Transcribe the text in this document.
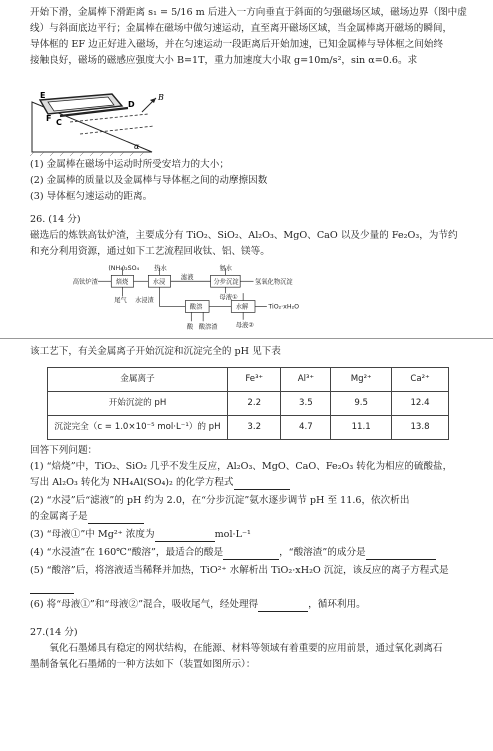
开始下滑，金属棒下滑距离 s₁ = 5/16 m 后进入一方向垂直于斜面的匀强磁场区域，磁场边界（图中虚

线）与斜面底边平行；金属棒在磁场中做匀速运动，直至离开磁场区域，当金属棒离开磁场的瞬间，

导体框的 EF 边正好进入磁场，并在匀速运动一段距离后开始加速，已知金属棒与导体框之间始终

接触良好，磁场的磁感应强度大小 B=1T，重力加速度大小取 g=10m/s²，sin α=0.6。求

E
F C
D
B
α

(1) 金属棒在磁场中运动时所受安培力的大小；

(2) 金属棒的质量以及金属棒与导体框之间的动摩擦因数

(3) 导体框匀速运动的距离。

26. (14 分)

磁选后的炼铁高钛炉渣，主要成分有 TiO₂、SiO₂、Al₂O₃、MgO、CaO 以及少量的 Fe₂O₃，为节约

和充分利用资源，通过如下工艺流程回收钛、铝、镁等。

高钛炉渣
(NH₄)₂SO₄
焙烧
热水
水浸
滤液
氨水
分步沉淀 氢氧化物沉淀
尾气 水浸渣	母液①
酸溶	水解 TiO₂·xH₂O
酸 酸溶渣 母液②

该工艺下，有关金属离子开始沉淀和沉淀完全的 pH 见下表

金属离子	Fe³⁺	Al³⁺	Mg²⁺	Ca²⁺
开始沉淀的 pH	2.2	3.5	9.5	12.4
沉淀完全（c = 1.0×10⁻⁵ mol·L⁻¹）的 pH	3.2	4.7	11.1	13.8

回答下列问题：

(1) “焙烧”中，TiO₂、SiO₂ 几乎不发生反应，Al₂O₃、MgO、CaO、Fe₂O₃ 转化为相应的硫酸盐，

写出 Al₂O₃ 转化为 NH₄Al(SO₄)₂ 的化学方程式

(2) “水浸”后“滤液”的 pH 约为 2.0，在“分步沉淀”氨水逐步调节 pH 至 11.6，依次析出

的金属离子是

(3) “母液①”中 Mg²⁺ 浓度为	mol·L⁻¹

(4) “水浸渣”在 160℃“酸溶”，最适合的酸是	，“酸溶渣”的成分是

(5) “酸溶”后，将溶液适当稀释并加热，TiO²⁺ 水解析出 TiO₂·xH₂O 沉淀，该反应的离子方程式是

(6) 将“母液①”和“母液②”混合，吸收尾气，经处理得	，循环利用。

27.(14 分)

氧化石墨烯具有稳定的网状结构，在能源、材料等领域有着重要的应用前景，通过氧化剥离石

墨制备氧化石墨烯的一种方法如下（装置如图所示）：
